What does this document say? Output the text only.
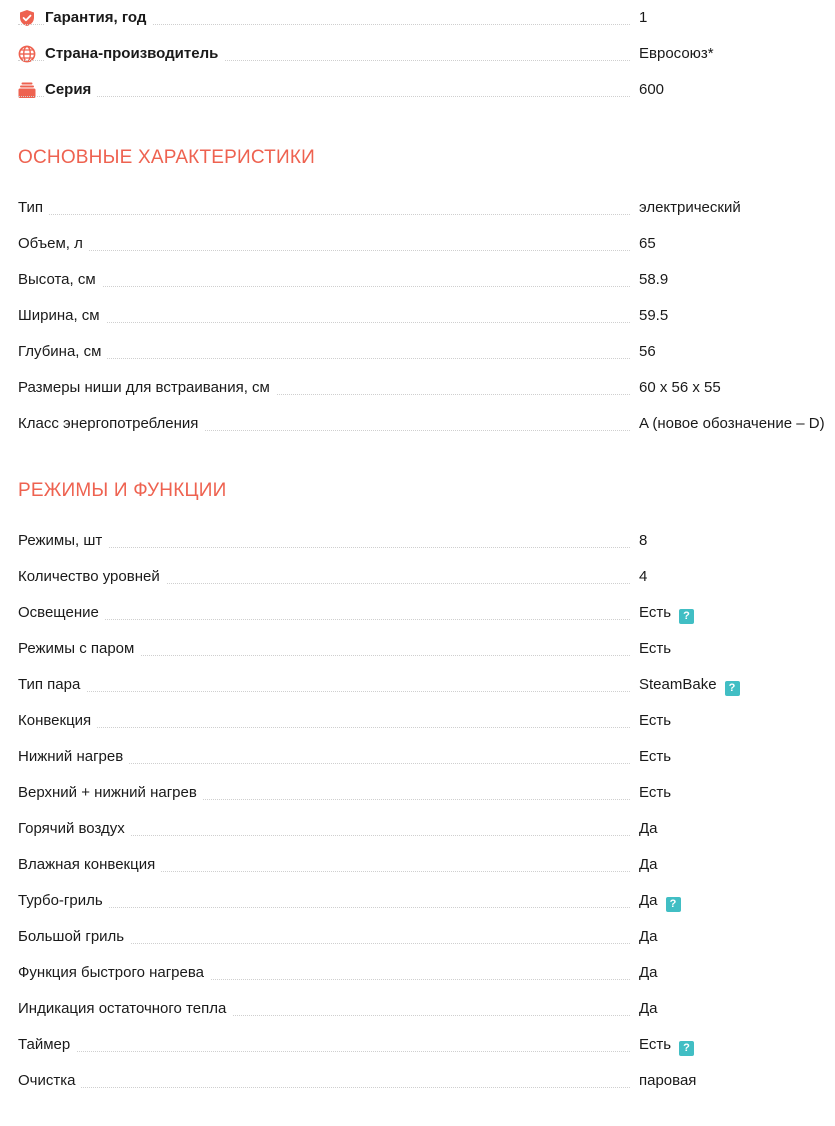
Гарантия, год	1
Страна-производитель	Евросоюз*
Серия	600
ОСНОВНЫЕ ХАРАКТЕРИСТИКИ
Тип	электрический
Объем, л	65
Высота, см	58.9
Ширина, см	59.5
Глубина, см	56
Размеры ниши для встраивания, см	60 x 56 x 55
Класс энергопотребления	A (новое обозначение – D)
РЕЖИМЫ И ФУНКЦИИ
Режимы, шт	8
Количество уровней	4
Освещение	Есть ?
Режимы с паром	Есть
Тип пара	SteamBake ?
Конвекция	Есть
Нижний нагрев	Есть
Верхний + нижний нагрев	Есть
Горячий воздух	Да
Влажная конвекция	Да
Турбо-гриль	Да ?
Большой гриль	Да
Функция быстрого нагрева	Да
Индикация остаточного тепла	Да
Таймер	Есть ?
Очистка	паровая
